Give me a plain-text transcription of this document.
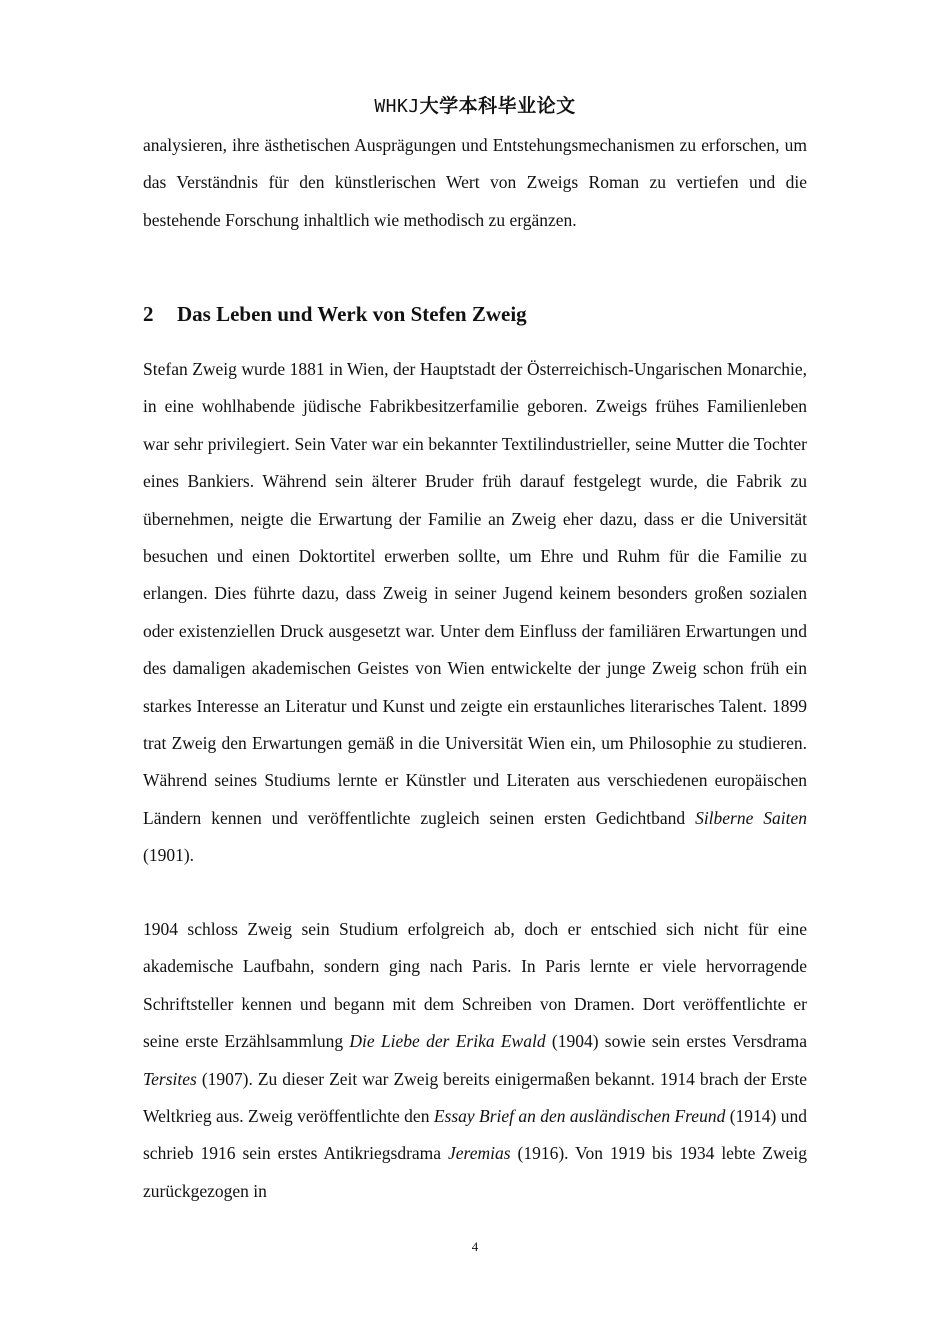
WHKJ大学本科毕业论文

analysieren, ihre ästhetischen Ausprägungen und Entstehungsmechanismen zu erforschen, um das Verständnis für den künstlerischen Wert von Zweigs Roman zu vertiefen und die bestehende Forschung inhaltlich wie methodisch zu ergänzen.

2 Das Leben und Werk von Stefen Zweig

Stefan Zweig wurde 1881 in Wien, der Hauptstadt der Österreichisch-Ungarischen Monarchie, in eine wohlhabende jüdische Fabrikbesitzerfamilie geboren. Zweigs frühes Familienleben war sehr privilegiert. Sein Vater war ein bekannter Textilindustrieller, seine Mutter die Tochter eines Bankiers. Während sein älterer Bruder früh darauf festgelegt wurde, die Fabrik zu übernehmen, neigte die Erwartung der Familie an Zweig eher dazu, dass er die Universität besuchen und einen Doktortitel erwerben sollte, um Ehre und Ruhm für die Familie zu erlangen. Dies führte dazu, dass Zweig in seiner Jugend keinem besonders großen sozialen oder existenziellen Druck ausgesetzt war. Unter dem Einfluss der familiären Erwartungen und des damaligen akademischen Geistes von Wien entwickelte der junge Zweig schon früh ein starkes Interesse an Literatur und Kunst und zeigte ein erstaunliches literarisches Talent. 1899 trat Zweig den Erwartungen gemäß in die Universität Wien ein, um Philosophie zu studieren. Während seines Studiums lernte er Künstler und Literaten aus verschiedenen europäischen Ländern kennen und veröffentlichte zugleich seinen ersten Gedichtband Silberne Saiten (1901).

1904 schloss Zweig sein Studium erfolgreich ab, doch er entschied sich nicht für eine akademische Laufbahn, sondern ging nach Paris. In Paris lernte er viele hervorragende Schriftsteller kennen und begann mit dem Schreiben von Dramen. Dort veröffentlichte er seine erste Erzählsammlung Die Liebe der Erika Ewald (1904) sowie sein erstes Versdrama Tersites (1907). Zu dieser Zeit war Zweig bereits einigermaßen bekannt. 1914 brach der Erste Weltkrieg aus. Zweig veröffentlichte den Essay Brief an den ausländischen Freund (1914) und schrieb 1916 sein erstes Antikriegsdrama Jeremias (1916). Von 1919 bis 1934 lebte Zweig zurückgezogen in

4
